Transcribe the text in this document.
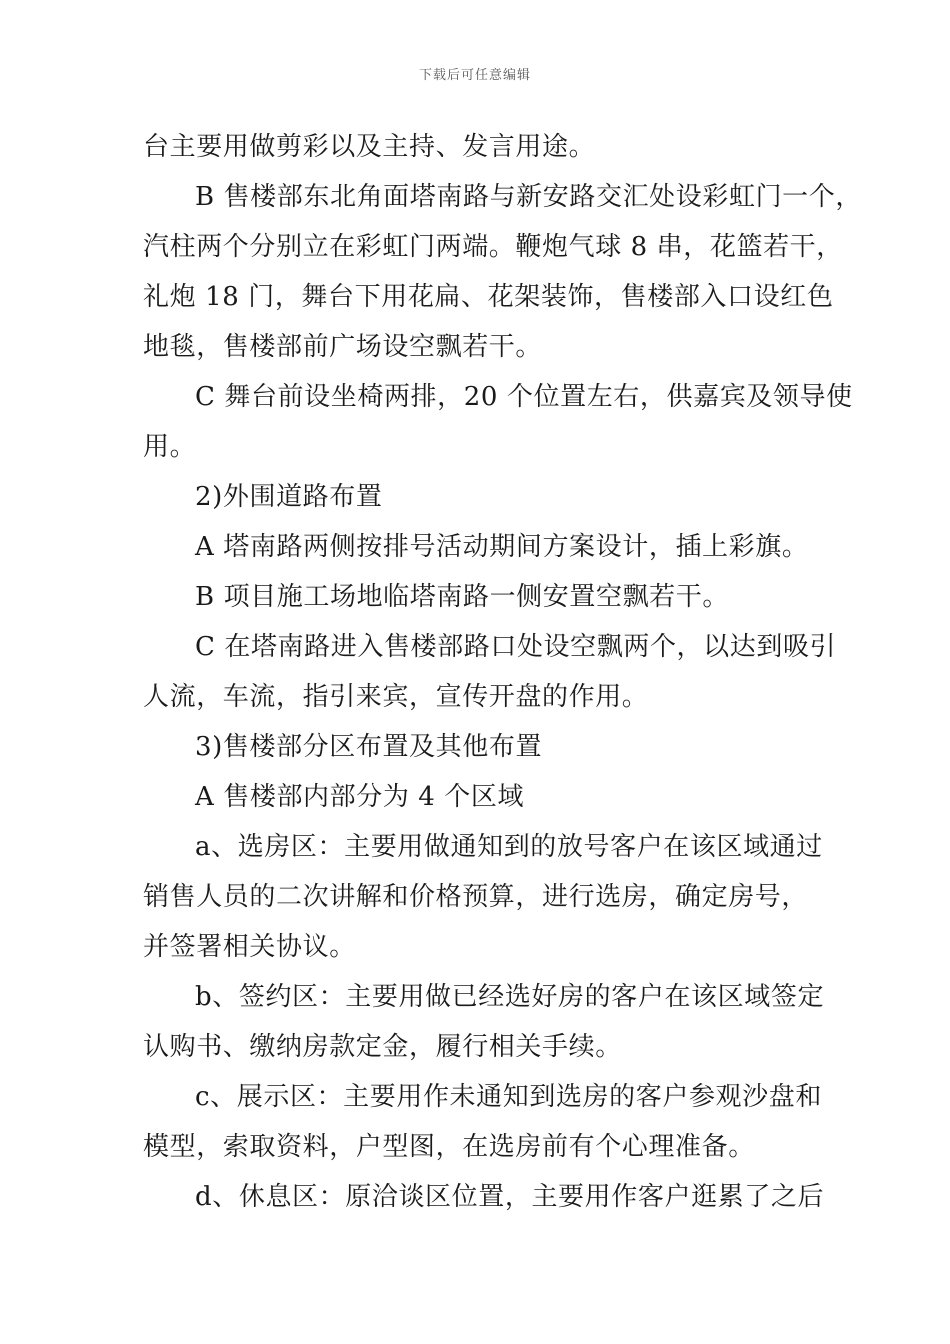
下载后可任意编辑
台主要用做剪彩以及主持、发言用途。
B 售楼部东北角面塔南路与新安路交汇处设彩虹门一个，
汽柱两个分别立在彩虹门两端。鞭炮气球 8 串，花篮若干，
礼炮 18 门，舞台下用花扁、花架装饰，售楼部入口设红色
地毯，售楼部前广场设空飘若干。
C 舞台前设坐椅两排，20 个位置左右，供嘉宾及领导使
用。
2)外围道路布置
A 塔南路两侧按排号活动期间方案设计，插上彩旗。
B 项目施工场地临塔南路一侧安置空飘若干。
C 在塔南路进入售楼部路口处设空飘两个，以达到吸引
人流，车流，指引来宾，宣传开盘的作用。
3)售楼部分区布置及其他布置
A 售楼部内部分为 4 个区域
a、选房区：主要用做通知到的放号客户在该区域通过
销售人员的二次讲解和价格预算，进行选房，确定房号，
并签署相关协议。
b、签约区：主要用做已经选好房的客户在该区域签定
认购书、缴纳房款定金，履行相关手续。
c、展示区：主要用作未通知到选房的客户参观沙盘和
模型，索取资料，户型图，在选房前有个心理准备。
d、休息区：原洽谈区位置，主要用作客户逛累了之后
